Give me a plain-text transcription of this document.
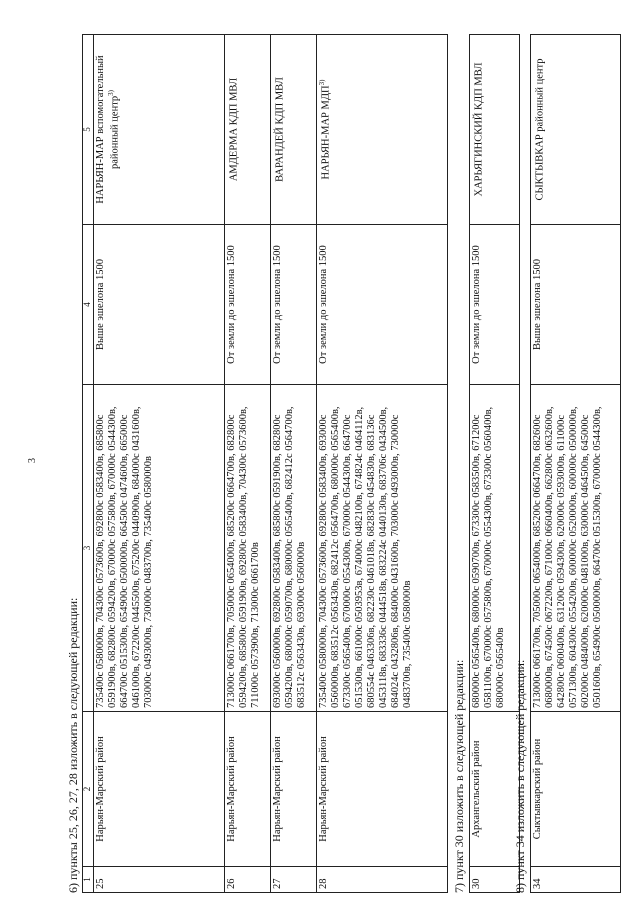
3
6) пункты 25, 26, 27, 28 изложить в следующей редакции: 1	2	3	4	5
25	Нарьян-Марский район	735400с 0580000в, 704300с 0573600в, 692800с 0583400в, 685800с 0591900в, 682800с 0594200в, 670000с 0575800в, 670000с 0544300в, 664700с 0515300в, 654900с 0500000в, 664500с 0474600в, 665000с 0461000в, 672200с 0445500в, 675200с 0440900в, 684000с 0431600в, 703000с 0493000в, 730000с 0483700в, 735400с 0580000в	Выше эшелона 1500	НАРЬЯН-МАР вспомогательный районный центр$^{3)}$
26	Нарьян-Марский район	713000с 0661700в, 705000с 0654000в, 685200с 0664700в, 682800с 0594200в, 685800с 0591900в, 692800с 0583400в, 704300с 0573600в, 711000с 0573900в, 713000с 0661700в	От земли до эшелона 1500	АМДЕРМА КДП МВЛ
27	Нарьян-Марский район	693000с 0560000в, 692800с 0583400в, 685800с 0591900в, 682800с 0594200в, 680000с 0590700в, 680000с 0565400в, 682412с 0564700в, 683512с 0563430в, 693000с 0560000в	От земли до эшелона 1500	ВАРАНДЕЙ КДП МВЛ
28	Нарьян-Марский район	735400с 0580000в, 704300с 0573600в, 692800с 0583400в, 693000с 0560000в, 683512с 0563430в, 682412с 0564700в, 680000с 0565400в, 673300с 0565400в, 670000с 0554300в, 670000с 0544300в, 664700с 0515300в, 661000с 0503953в, 674000с 0482100в, 674824с 0464112в, 680554с 0463306в, 682230с 0461018в, 682830с 0454830в, 683136с 0453118в, 683336с 0444518в, 683224с 0440130в, 683706с 0434500в, 684024с 0432806в, 684000с 0431600в, 703000с 0493000в, 730000с 0483700в, 735400с 0580000в	От земли до эшелона 1500	НАРЬЯН-МАР МДП$^{3)}$
7) пункт 30 изложить в следующей редакции: 30	Архангельский район	680000с 0565400в, 680000с 0590700в, 673300с 0583500в, 671200с 0581100в, 670000с 0575800в, 670000с 0554300в, 673300с 0560400в, 680000с 0565400в	От земли до эшелона 1500	ХАРЬЯГИНСКИЙ КДП МВЛ
8) пункт 34 изложить в следующей редакции: 34	Сыктывкарский район	713000с 0661700в, 705000с 0654000в, 685200с 0664700в, 682600с 0680000в, 674500с 0672200в, 671000с 0660400в, 662800с 0632600в, 642800с 0600400в, 631200с 0594300в, 620000с 0593000в, 611000с 0571300в, 604300с 0554200в, 600000с 0520000в, 600000с 0500000в, 602000с 0484000в, 620000с 0481000в, 630000с 0464500в, 645000с 0501600в, 654900с 0500000в, 664700с 0515300в, 670000с 0544300в,	Выше эшелона 1500	СЫКТЫВКАР районный центр
